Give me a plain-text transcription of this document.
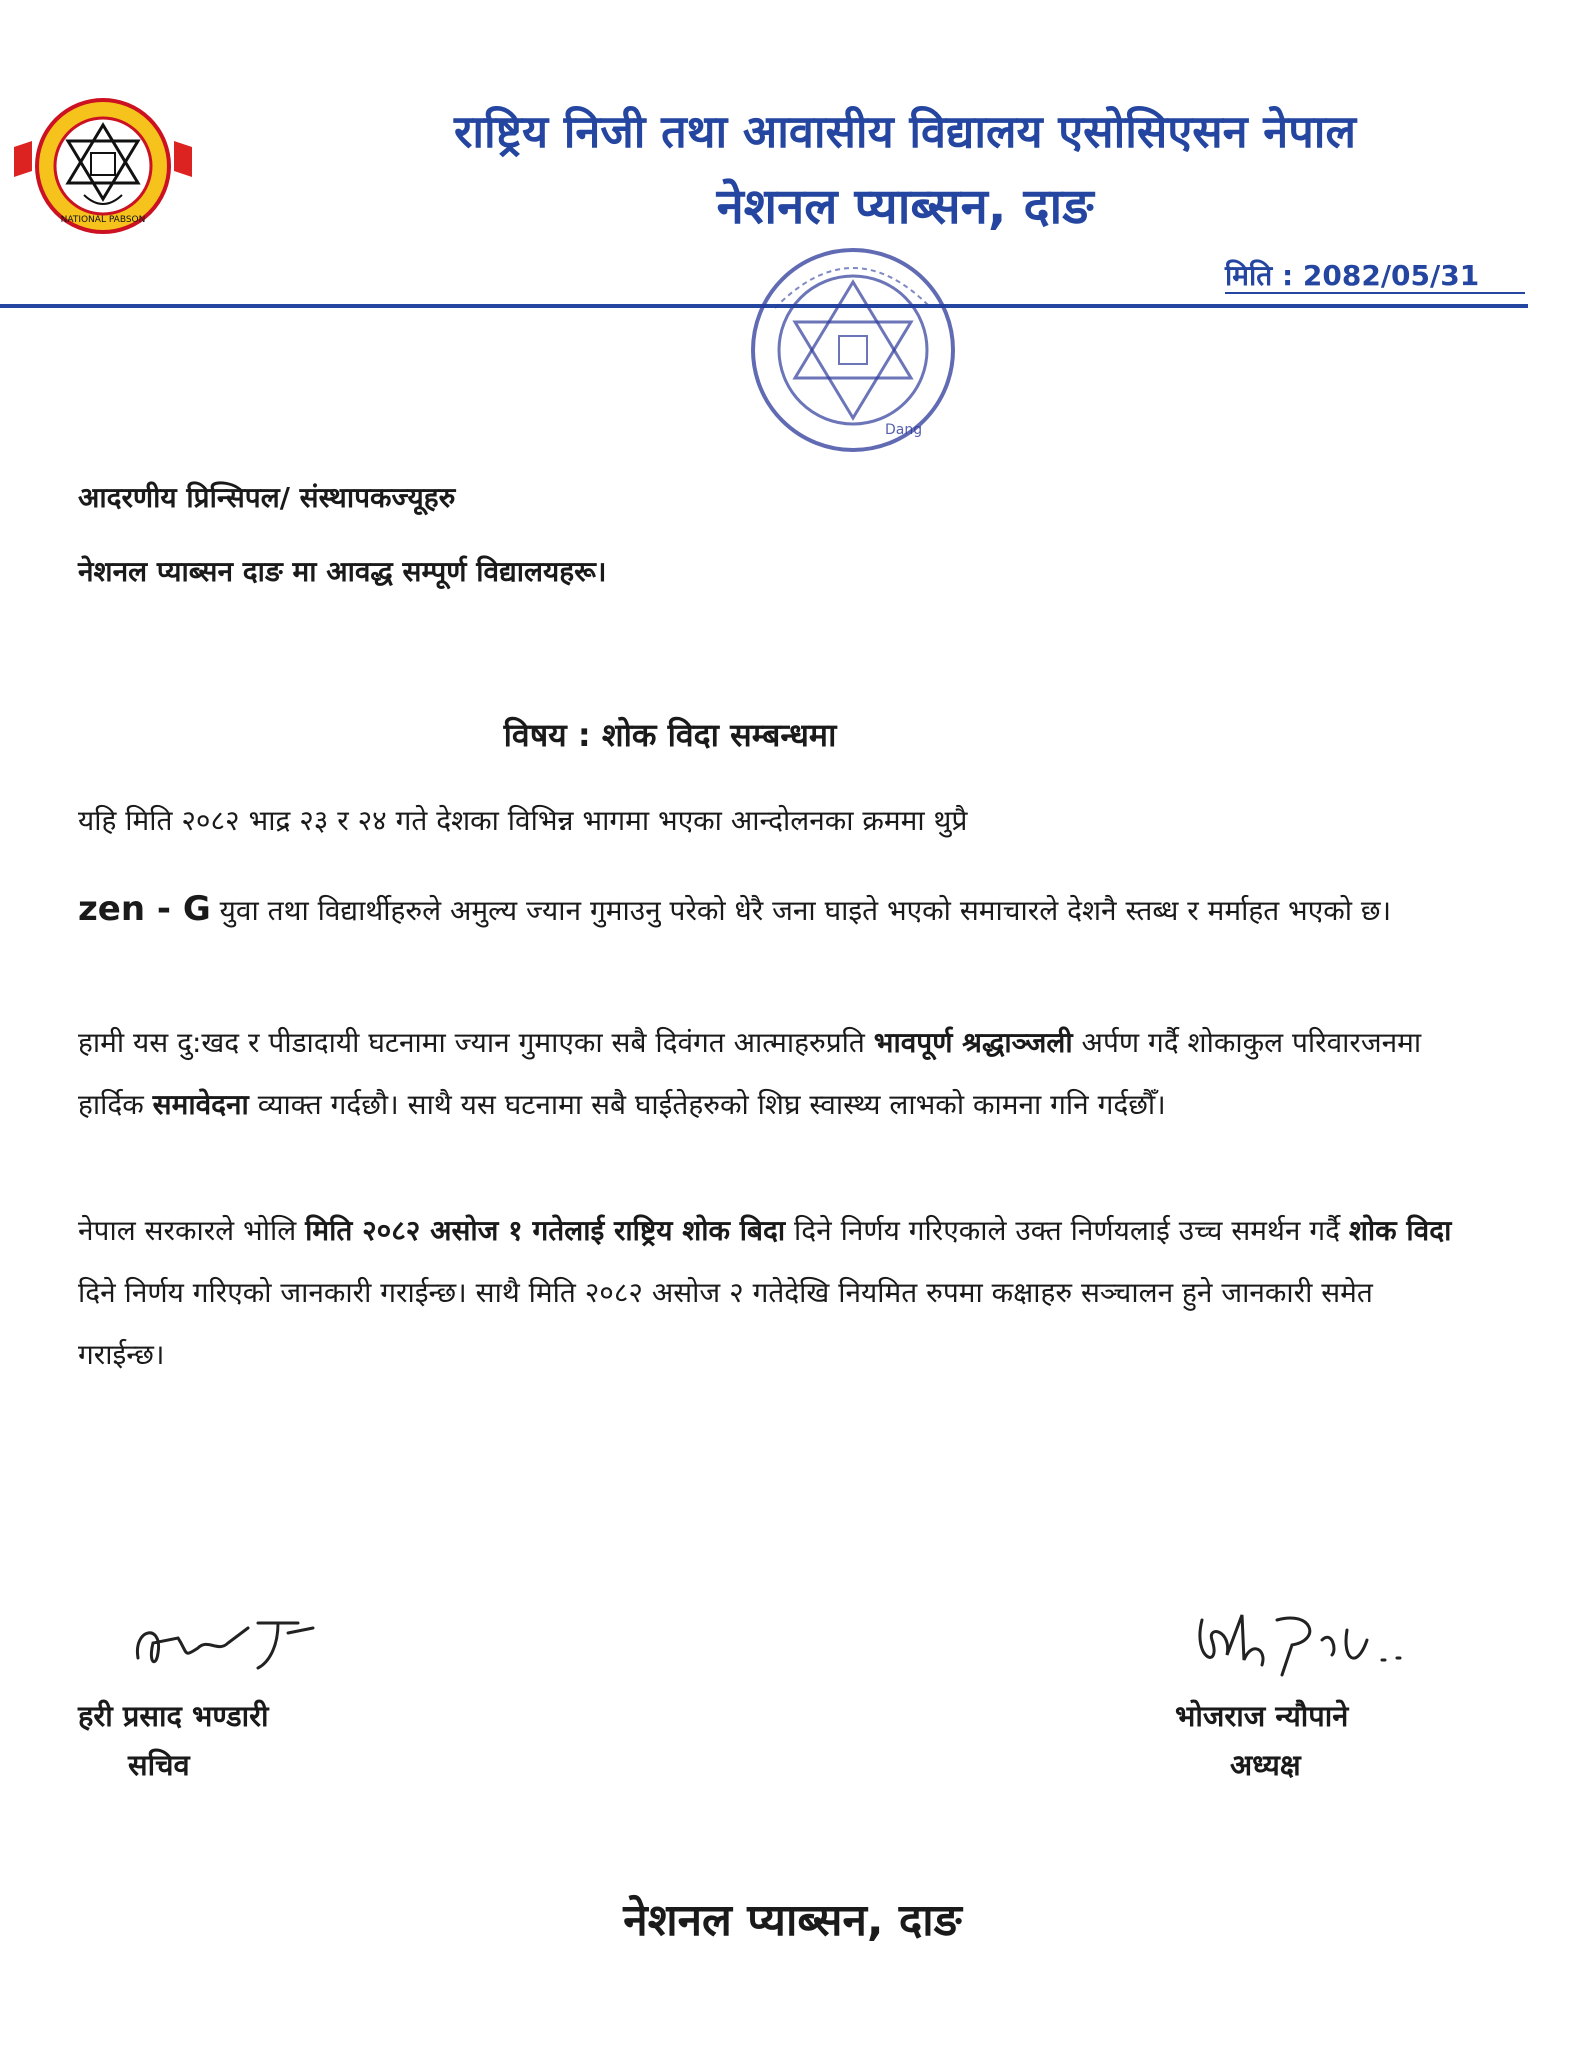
NATIONAL PABSON
राष्ट्रिय निजी तथा आवासीय विद्यालय एसोसिएसन नेपाल
नेशनल प्याब्सन, दाङ
मिति : 2082/05/31
Dang
आदरणीय प्रिन्सिपल/ संस्थापकज्यूहरु
नेशनल प्याब्सन दाङ मा आवद्ध सम्पूर्ण विद्यालयहरू।
विषय : शोक विदा सम्बन्धमा
यहि मिति २०८२ भाद्र २३ र २४ गते देशका विभिन्न भागमा भएका आन्दोलनका क्रममा थुप्रै
zen - G युवा तथा विद्यार्थीहरुले अमुल्य ज्यान गुमाउनु परेको धेरै जना घाइते भएको समाचारले देशनै स्तब्ध र मर्माहत भएको छ।
हामी यस दु:खद र पीडादायी घटनामा ज्यान गुमाएका सबै दिवंगत आत्माहरुप्रति भावपूर्ण श्रद्धाञ्जली अर्पण गर्दै शोकाकुल परिवारजनमा हार्दिक समावेदना व्याक्त गर्दछौ। साथै यस घटनामा सबै घाईतेहरुको शिघ्र स्वास्थ्य लाभको कामना गनि गर्दछौँ।
नेपाल सरकारले भोलि मिति २०८२ असोज १ गतेलाई राष्ट्रिय शोक बिदा दिने निर्णय गरिएकाले उक्त निर्णयलाई उच्च समर्थन गर्दै शोक विदा दिने निर्णय गरिएको जानकारी गराईन्छ। साथै मिति २०८२ असोज २ गतेदेखि नियमित रुपमा कक्षाहरु सञ्चालन हुने जानकारी समेत गराईन्छ।
हरी प्रसाद भण्डारी
सचिव
भोजराज न्यौपाने
अध्यक्ष
नेशनल प्याब्सन, दाङ
